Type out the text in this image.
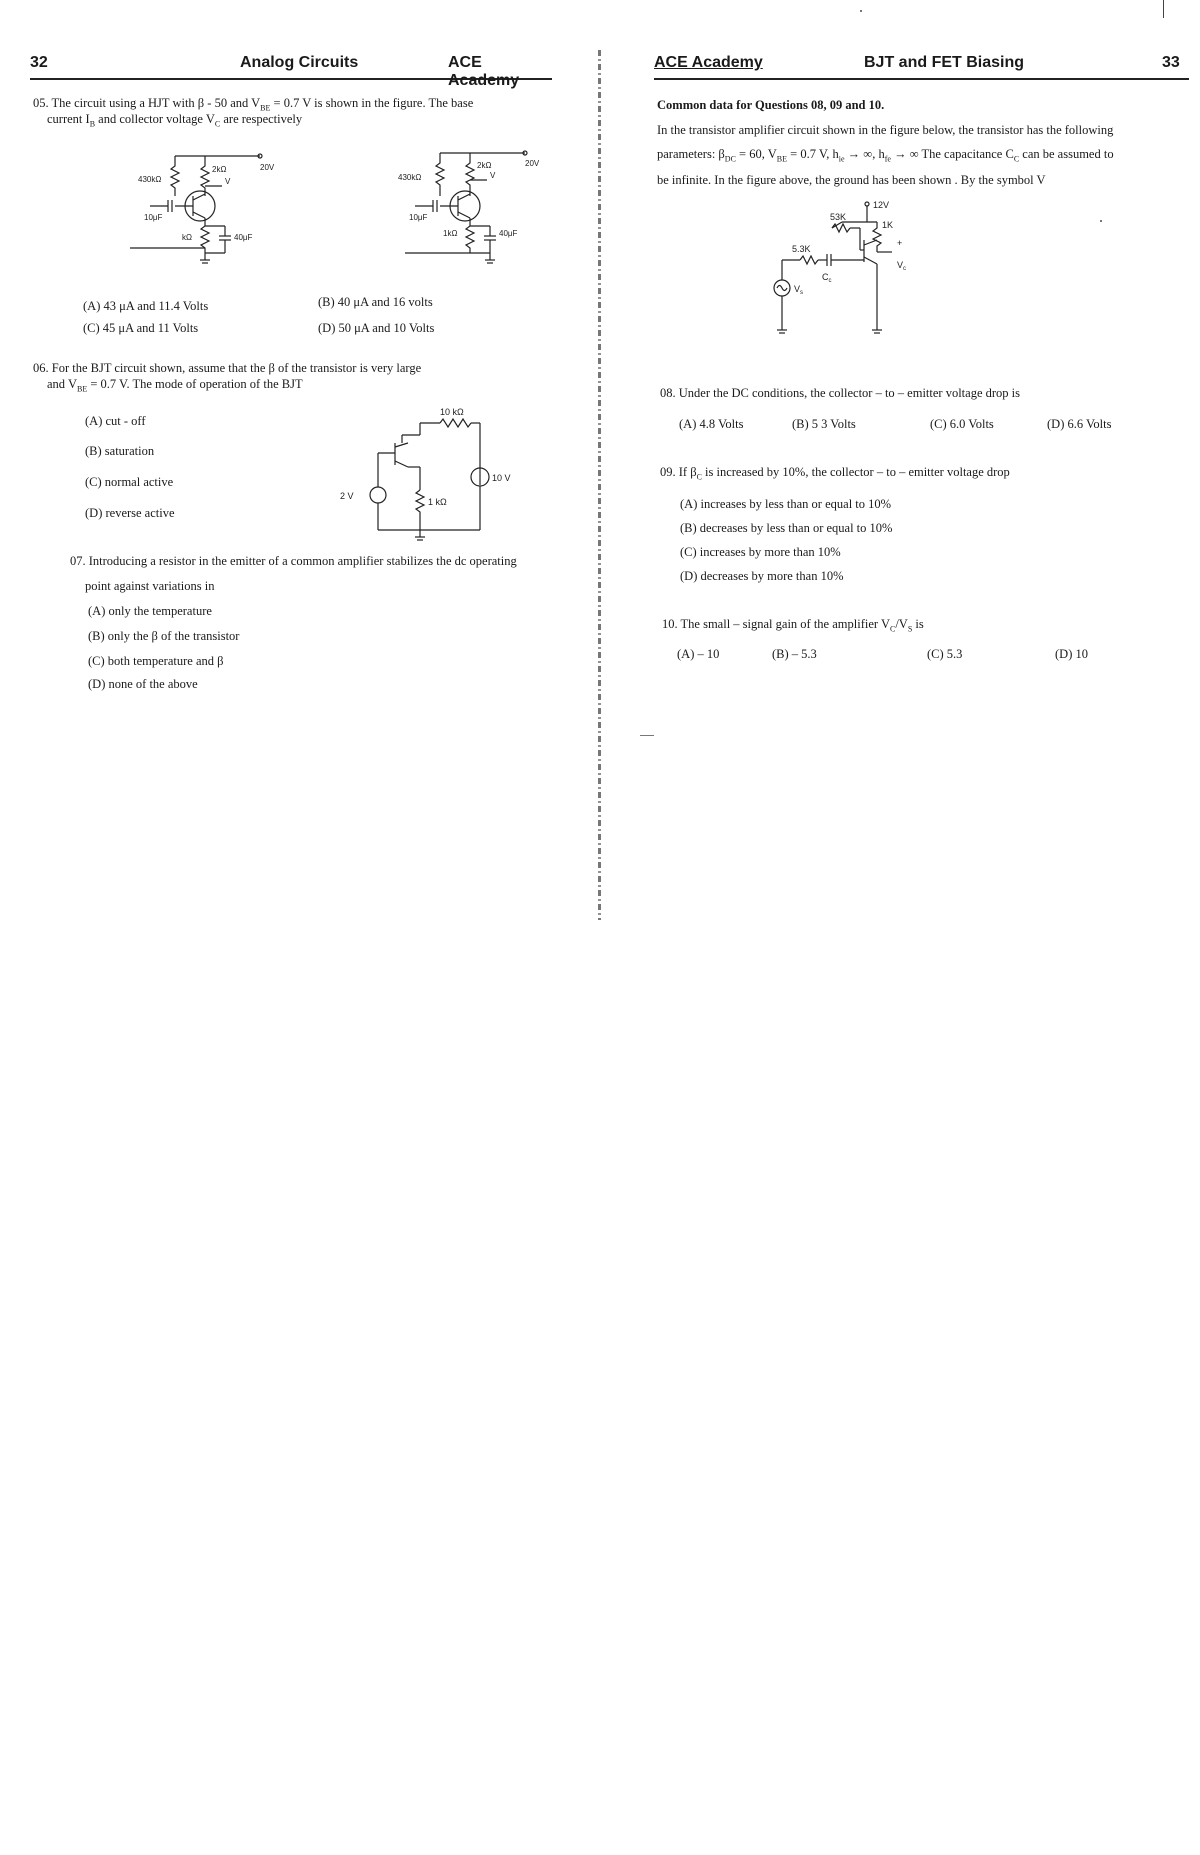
32	Analog Circuits	ACE Academy
05. The circuit using a HJT with β - 50 and $V_{BE} = 0.7$ V is shown in the figure. The base
current $I_B$ and collector voltage $V_C$ are respectively
430kΩ
2kΩ	20V
V
10μF
kΩ	40μF
430kΩ
2kΩ	20V
V
10μF
1kΩ	40μF
(A) 43 μA and 11.4 Volts	(B) 40 μA and 16 volts
(C) 45 μA and 11 Volts	(D) 50 μA and 10 Volts
06. For the BJT circuit shown, assume that the β of the transistor is very large
and $V_{BE} = 0.7$ V. The mode of operation of the BJT
(A) cut - off
(B) saturation
(C) normal active
(D) reverse active
10 kΩ
2 V
1 kΩ
10 V
07. Introducing a resistor in the emitter of a common amplifier stabilizes the dc operating
point against variations in
(A) only the temperature
(B) only the β of the transistor
(C) both temperature and β
(D) none of the above
ACE Academy	BJT and FET Biasing	33
Common data for Questions 08, 09 and 10.
In the transistor amplifier circuit shown in the figure below, the transistor has the following
parameters: $\beta_{DC} = 60$, $V_{BE} = 0.7$ V, $h_{ie}$ → ∞, $h_{fe}$ → ∞ The capacitance $C_C$ can be assumed to
be infinite. In the figure above, the ground has been shown . By the symbol V
12V
53K
1K
5.3K
$C_c$
$V_s$
+
$V_c$
08. Under the DC conditions, the collector – to – emitter voltage drop is
(A) 4.8 Volts	(B) 5 3 Volts	(C) 6.0 Volts	(D) 6.6 Volts
09. If $\beta_C$ is increased by 10%, the collector – to – emitter voltage drop
(A) increases by less than or equal to 10%
(B) decreases by less than or equal to 10%
(C) increases by more than 10%
(D) decreases by more than 10%
10. The small – signal gain of the amplifier $V_C/V_S$ is
(A) – 10	(B) – 5.3	(C) 5.3	(D) 10
